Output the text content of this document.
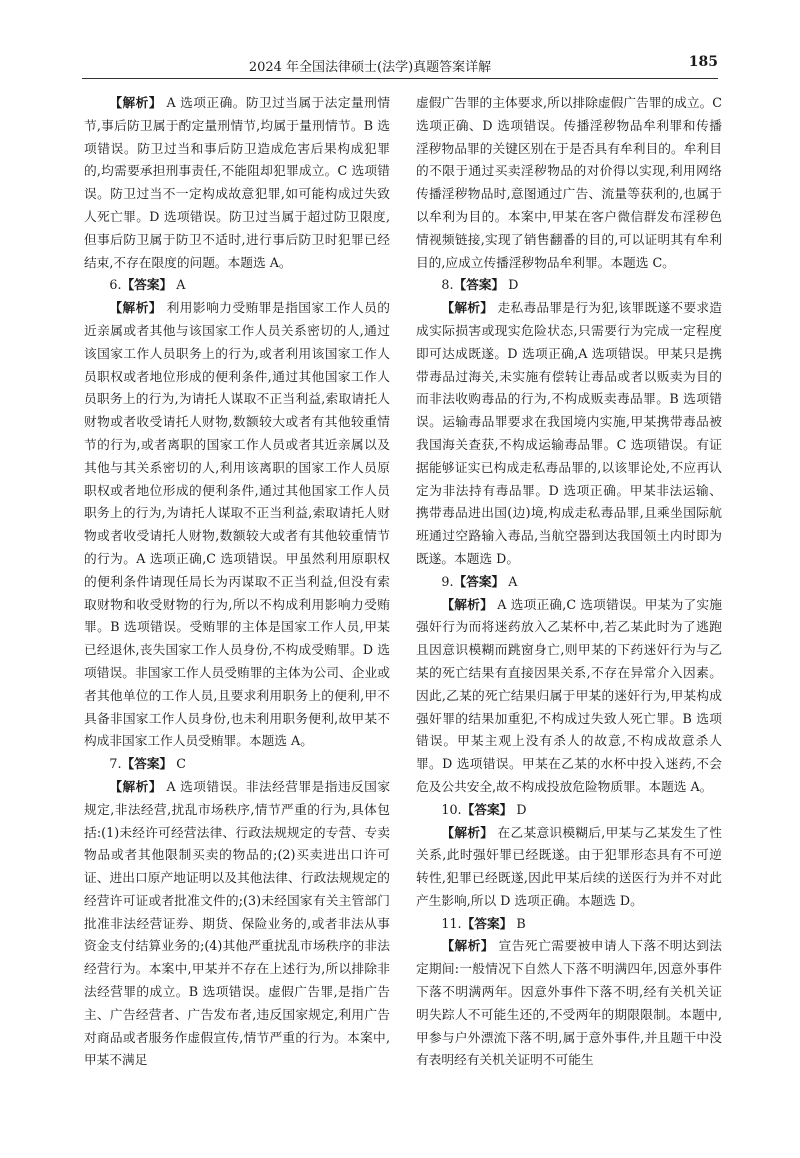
2024 年全国法律硕士(法学)真题答案详解	185

【解析】 A 选项正确。防卫过当属于法定量刑情节,事后防卫属于酌定量刑情节,均属于量刑情节。B 选项错误。防卫过当和事后防卫造成危害后果构成犯罪的,均需要承担刑事责任,不能阻却犯罪成立。C 选项错误。防卫过当不一定构成故意犯罪,如可能构成过失致人死亡罪。D 选项错误。防卫过当属于超过防卫限度,但事后防卫属于防卫不适时,进行事后防卫时犯罪已经结束,不存在限度的问题。本题选 A。

6.【答案】 A

【解析】 利用影响力受贿罪是指国家工作人员的近亲属或者其他与该国家工作人员关系密切的人,通过该国家工作人员职务上的行为,或者利用该国家工作人员职权或者地位形成的便利条件,通过其他国家工作人员职务上的行为,为请托人谋取不正当利益,索取请托人财物或者收受请托人财物,数额较大或者有其他较重情节的行为,或者离职的国家工作人员或者其近亲属以及其他与其关系密切的人,利用该离职的国家工作人员原职权或者地位形成的便利条件,通过其他国家工作人员职务上的行为,为请托人谋取不正当利益,索取请托人财物或者收受请托人财物,数额较大或者有其他较重情节的行为。A 选项正确,C 选项错误。甲虽然利用原职权的便利条件请现任局长为丙谋取不正当利益,但没有索取财物和收受财物的行为,所以不构成利用影响力受贿罪。B 选项错误。受贿罪的主体是国家工作人员,甲某已经退休,丧失国家工作人员身份,不构成受贿罪。D 选项错误。非国家工作人员受贿罪的主体为公司、企业或者其他单位的工作人员,且要求利用职务上的便利,甲不具备非国家工作人员身份,也未利用职务便利,故甲某不构成非国家工作人员受贿罪。本题选 A。

7.【答案】 C

【解析】 A 选项错误。非法经营罪是指违反国家规定,非法经营,扰乱市场秩序,情节严重的行为,具体包括:(1)未经许可经营法律、行政法规规定的专营、专卖物品或者其他限制买卖的物品的;(2)买卖进出口许可证、进出口原产地证明以及其他法律、行政法规规定的经营许可证或者批准文件的;(3)未经国家有关主管部门批准非法经营证券、期货、保险业务的,或者非法从事资金支付结算业务的;(4)其他严重扰乱市场秩序的非法经营行为。本案中,甲某并不存在上述行为,所以排除非法经营罪的成立。B 选项错误。虚假广告罪,是指广告主、广告经营者、广告发布者,违反国家规定,利用广告对商品或者服务作虚假宣传,情节严重的行为。本案中,甲某不满足

虚假广告罪的主体要求,所以排除虚假广告罪的成立。C 选项正确、D 选项错误。传播淫秽物品牟利罪和传播淫秽物品罪的关键区别在于是否具有牟利目的。牟利目的不限于通过买卖淫秽物品的对价得以实现,利用网络传播淫秽物品时,意图通过广告、流量等获利的,也属于以牟利为目的。本案中,甲某在客户微信群发布淫秽色情视频链接,实现了销售翻番的目的,可以证明其有牟利目的,应成立传播淫秽物品牟利罪。本题选 C。

8.【答案】 D

【解析】 走私毒品罪是行为犯,该罪既遂不要求造成实际损害或现实危险状态,只需要行为完成一定程度即可达成既遂。D 选项正确,A 选项错误。甲某只是携带毒品过海关,未实施有偿转让毒品或者以贩卖为目的而非法收购毒品的行为,不构成贩卖毒品罪。B 选项错误。运输毒品罪要求在我国境内实施,甲某携带毒品被我国海关查获,不构成运输毒品罪。C 选项错误。有证据能够证实已构成走私毒品罪的,以该罪论处,不应再认定为非法持有毒品罪。D 选项正确。甲某非法运输、携带毒品进出国(边)境,构成走私毒品罪,且乘坐国际航班通过空路输入毒品,当航空器到达我国领土内时即为既遂。本题选 D。

9.【答案】 A

【解析】 A 选项正确,C 选项错误。甲某为了实施强奸行为而将迷药放入乙某杯中,若乙某此时为了逃跑且因意识模糊而跳窗身亡,则甲某的下药迷奸行为与乙某的死亡结果有直接因果关系,不存在异常介入因素。因此,乙某的死亡结果归属于甲某的迷奸行为,甲某构成强奸罪的结果加重犯,不构成过失致人死亡罪。B 选项错误。甲某主观上没有杀人的故意,不构成故意杀人罪。D 选项错误。甲某在乙某的水杯中投入迷药,不会危及公共安全,故不构成投放危险物质罪。本题选 A。

10.【答案】 D

【解析】 在乙某意识模糊后,甲某与乙某发生了性关系,此时强奸罪已经既遂。由于犯罪形态具有不可逆转性,犯罪已经既遂,因此甲某后续的送医行为并不对此产生影响,所以 D 选项正确。本题选 D。

11.【答案】 B

【解析】 宣告死亡需要被申请人下落不明达到法定期间:一般情况下自然人下落不明满四年,因意外事件下落不明满两年。因意外事件下落不明,经有关机关证明失踪人不可能生还的,不受两年的期限限制。本题中,甲参与户外漂流下落不明,属于意外事件,并且题干中没有表明经有关机关证明不可能生
